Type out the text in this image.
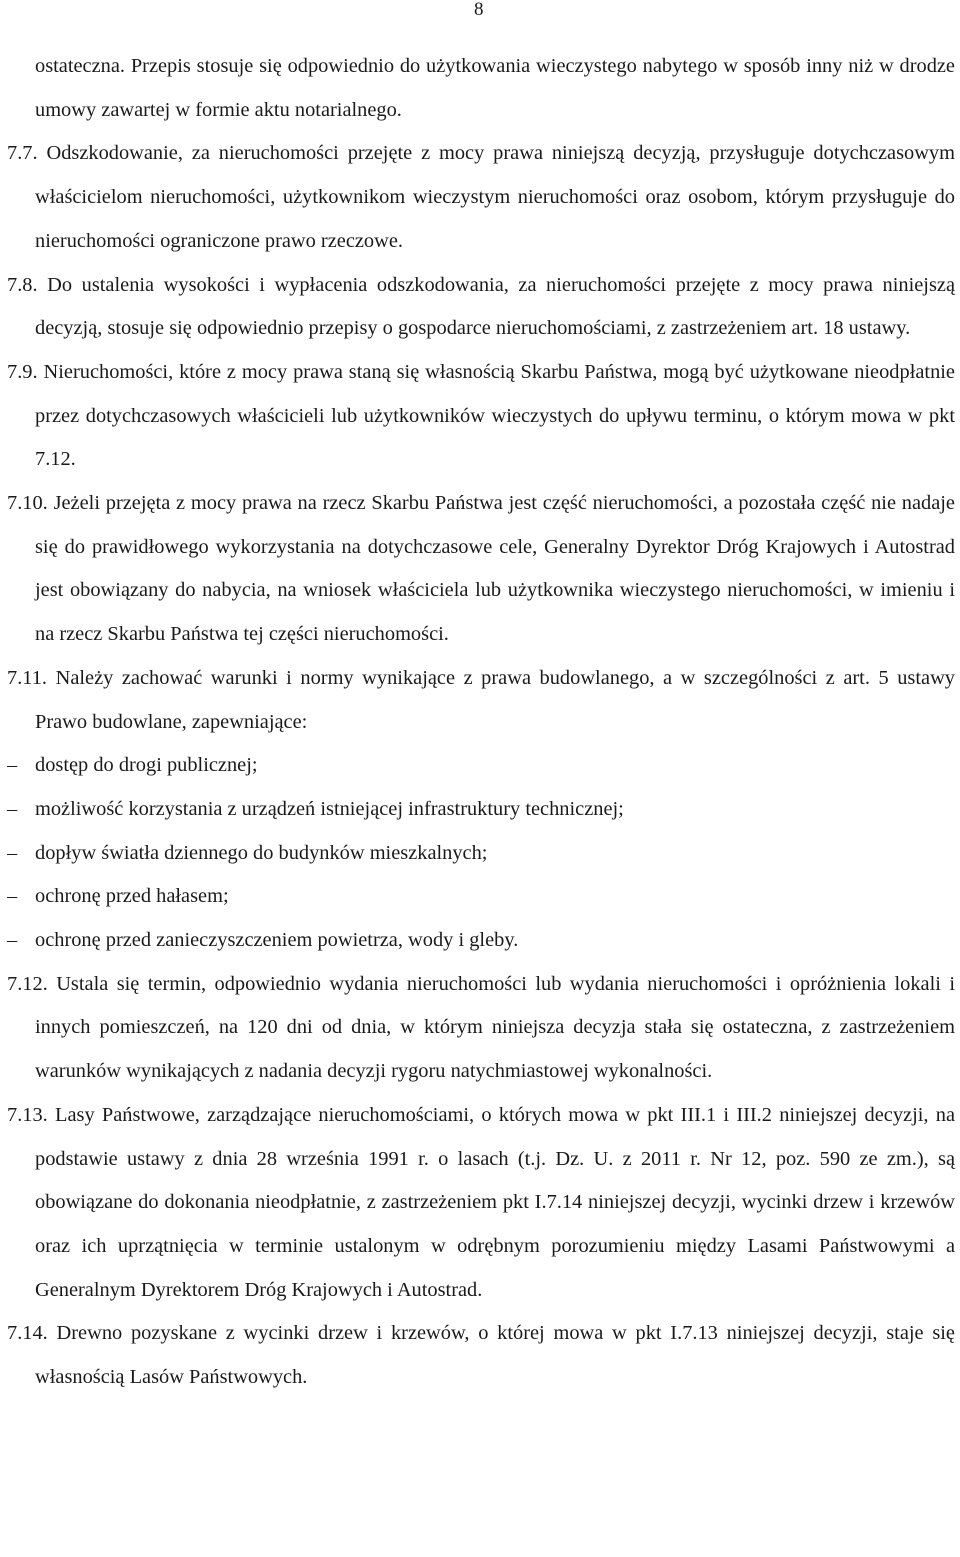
8

ostateczna. Przepis stosuje się odpowiednio do użytkowania wieczystego nabytego w sposób inny niż w drodze umowy zawartej w formie aktu notarialnego.

7.7. Odszkodowanie, za nieruchomości przejęte z mocy prawa niniejszą decyzją, przysługuje dotychczasowym właścicielom nieruchomości, użytkownikom wieczystym nieruchomości oraz osobom, którym przysługuje do nieruchomości ograniczone prawo rzeczowe.

7.8. Do ustalenia wysokości i wypłacenia odszkodowania, za nieruchomości przejęte z mocy prawa niniejszą decyzją, stosuje się odpowiednio przepisy o gospodarce nieruchomościami, z zastrzeżeniem art. 18 ustawy.

7.9. Nieruchomości, które z mocy prawa staną się własnością Skarbu Państwa, mogą być użytkowane nieodpłatnie przez dotychczasowych właścicieli lub użytkowników wieczystych do upływu terminu, o którym mowa w pkt 7.12.

7.10. Jeżeli przejęta z mocy prawa na rzecz Skarbu Państwa jest część nieruchomości, a pozostała część nie nadaje się do prawidłowego wykorzystania na dotychczasowe cele, Generalny Dyrektor Dróg Krajowych i Autostrad jest obowiązany do nabycia, na wniosek właściciela lub użytkownika wieczystego nieruchomości, w imieniu i na rzecz Skarbu Państwa tej części nieruchomości.

7.11. Należy zachować warunki i normy wynikające z prawa budowlanego, a w szczególności z art. 5 ustawy Prawo budowlane, zapewniające:

– dostęp do drogi publicznej;

– możliwość korzystania z urządzeń istniejącej infrastruktury technicznej;

– dopływ światła dziennego do budynków mieszkalnych;

– ochronę przed hałasem;

– ochronę przed zanieczyszczeniem powietrza, wody i gleby.

7.12. Ustala się termin, odpowiednio wydania nieruchomości lub wydania nieruchomości i opróżnienia lokali i innych pomieszczeń, na 120 dni od dnia, w którym niniejsza decyzja stała się ostateczna, z zastrzeżeniem warunków wynikających z nadania decyzji rygoru natychmiastowej wykonalności.

7.13. Lasy Państwowe, zarządzające nieruchomościami, o których mowa w pkt III.1 i III.2 niniejszej decyzji, na podstawie ustawy z dnia 28 września 1991 r. o lasach (t.j. Dz. U. z 2011 r. Nr 12, poz. 590 ze zm.), są obowiązane do dokonania nieodpłatnie, z zastrzeżeniem pkt I.7.14 niniejszej decyzji, wycinki drzew i krzewów oraz ich uprzątnięcia w terminie ustalonym w odrębnym porozumieniu między Lasami Państwowymi a Generalnym Dyrektorem Dróg Krajowych i Autostrad.

7.14. Drewno pozyskane z wycinki drzew i krzewów, o której mowa w pkt I.7.13 niniejszej decyzji, staje się własnością Lasów Państwowych.
